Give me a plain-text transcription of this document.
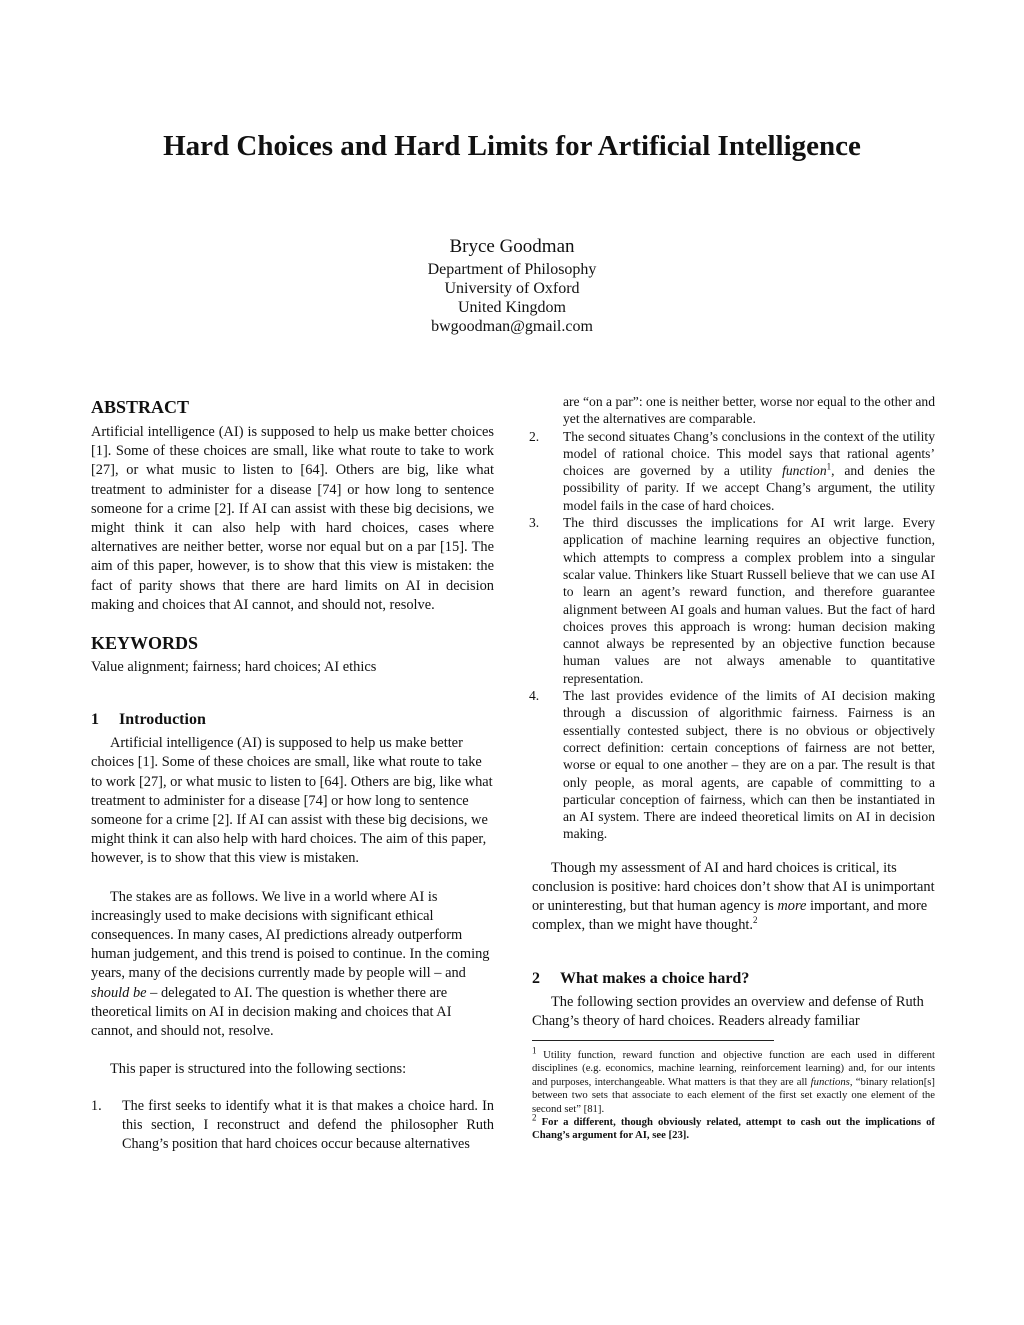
Hard Choices and Hard Limits for Artificial Intelligence
Bryce Goodman
Department of Philosophy
University of Oxford
United Kingdom
bwgoodman@gmail.com
ABSTRACT

Artificial intelligence (AI) is supposed to help us make better choices [1]. Some of these choices are small, like what route to take to work [27], or what music to listen to [64]. Others are big, like what treatment to administer for a disease [74] or how long to sentence someone for a crime [2]. If AI can assist with these big decisions, we might think it can also help with hard choices, cases where alternatives are neither better, worse nor equal but on a par [15]. The aim of this paper, however, is to show that this view is mistaken: the fact of parity shows that there are hard limits on AI in decision making and choices that AI cannot, and should not, resolve.

KEYWORDS

Value alignment; fairness; hard choices; AI ethics

1 Introduction

Artificial intelligence (AI) is supposed to help us make better choices [1]. Some of these choices are small, like what route to take to work [27], or what music to listen to [64]. Others are big, like what treatment to administer for a disease [74] or how long to sentence someone for a crime [2]. If AI can assist with these big decisions, we might think it can also help with hard choices. The aim of this paper, however, is to show that this view is mistaken.

The stakes are as follows. We live in a world where AI is increasingly used to make decisions with significant ethical consequences. In many cases, AI predictions already outperform human judgement, and this trend is poised to continue. In the coming years, many of the decisions currently made by people will – and should be – delegated to AI. The question is whether there are theoretical limits on AI in decision making and choices that AI cannot, and should not, resolve.

This paper is structured into the following sections:

1. The first seeks to identify what it is that makes a choice hard. In this section, I reconstruct and defend the philosopher Ruth Chang’s position that hard choices occur because alternatives

are “on a par”: one is neither better, worse nor equal to the other and yet the alternatives are comparable.

2. The second situates Chang’s conclusions in the context of the utility model of rational choice. This model says that rational agents’ choices are governed by a utility function$^1$, and denies the possibility of parity. If we accept Chang’s argument, the utility model fails in the case of hard choices.
3. The third discusses the implications for AI writ large. Every application of machine learning requires an objective function, which attempts to compress a complex problem into a singular scalar value. Thinkers like Stuart Russell believe that we can use AI to learn an agent’s reward function, and therefore guarantee alignment between AI goals and human values. But the fact of hard choices proves this approach is wrong: human decision making cannot always be represented by an objective function because human values are not always amenable to quantitative representation.
4. The last provides evidence of the limits of AI decision making through a discussion of algorithmic fairness. Fairness is an essentially contested subject, there is no obvious or objectively correct definition: certain conceptions of fairness are not better, worse or equal to one another – they are on a par. The result is that only people, as moral agents, are capable of committing to a particular conception of fairness, which can then be instantiated in an AI system. There are indeed theoretical limits on AI in decision making.

Though my assessment of AI and hard choices is critical, its conclusion is positive: hard choices don’t show that AI is unimportant or uninteresting, but that human agency is more important, and more complex, than we might have thought.$^2$

2 What makes a choice hard?

The following section provides an overview and defense of Ruth Chang’s theory of hard choices. Readers already familiar

$^1$ Utility function, reward function and objective function are each used in different disciplines (e.g. economics, machine learning, reinforcement learning) and, for our intents and purposes, interchangeable. What matters is that they are all functions, “binary relation[s] between two sets that associate to each element of the first set exactly one element of the second set” [81].

$^2$ For a different, though obviously related, attempt to cash out the implications of Chang’s argument for AI, see [23].
